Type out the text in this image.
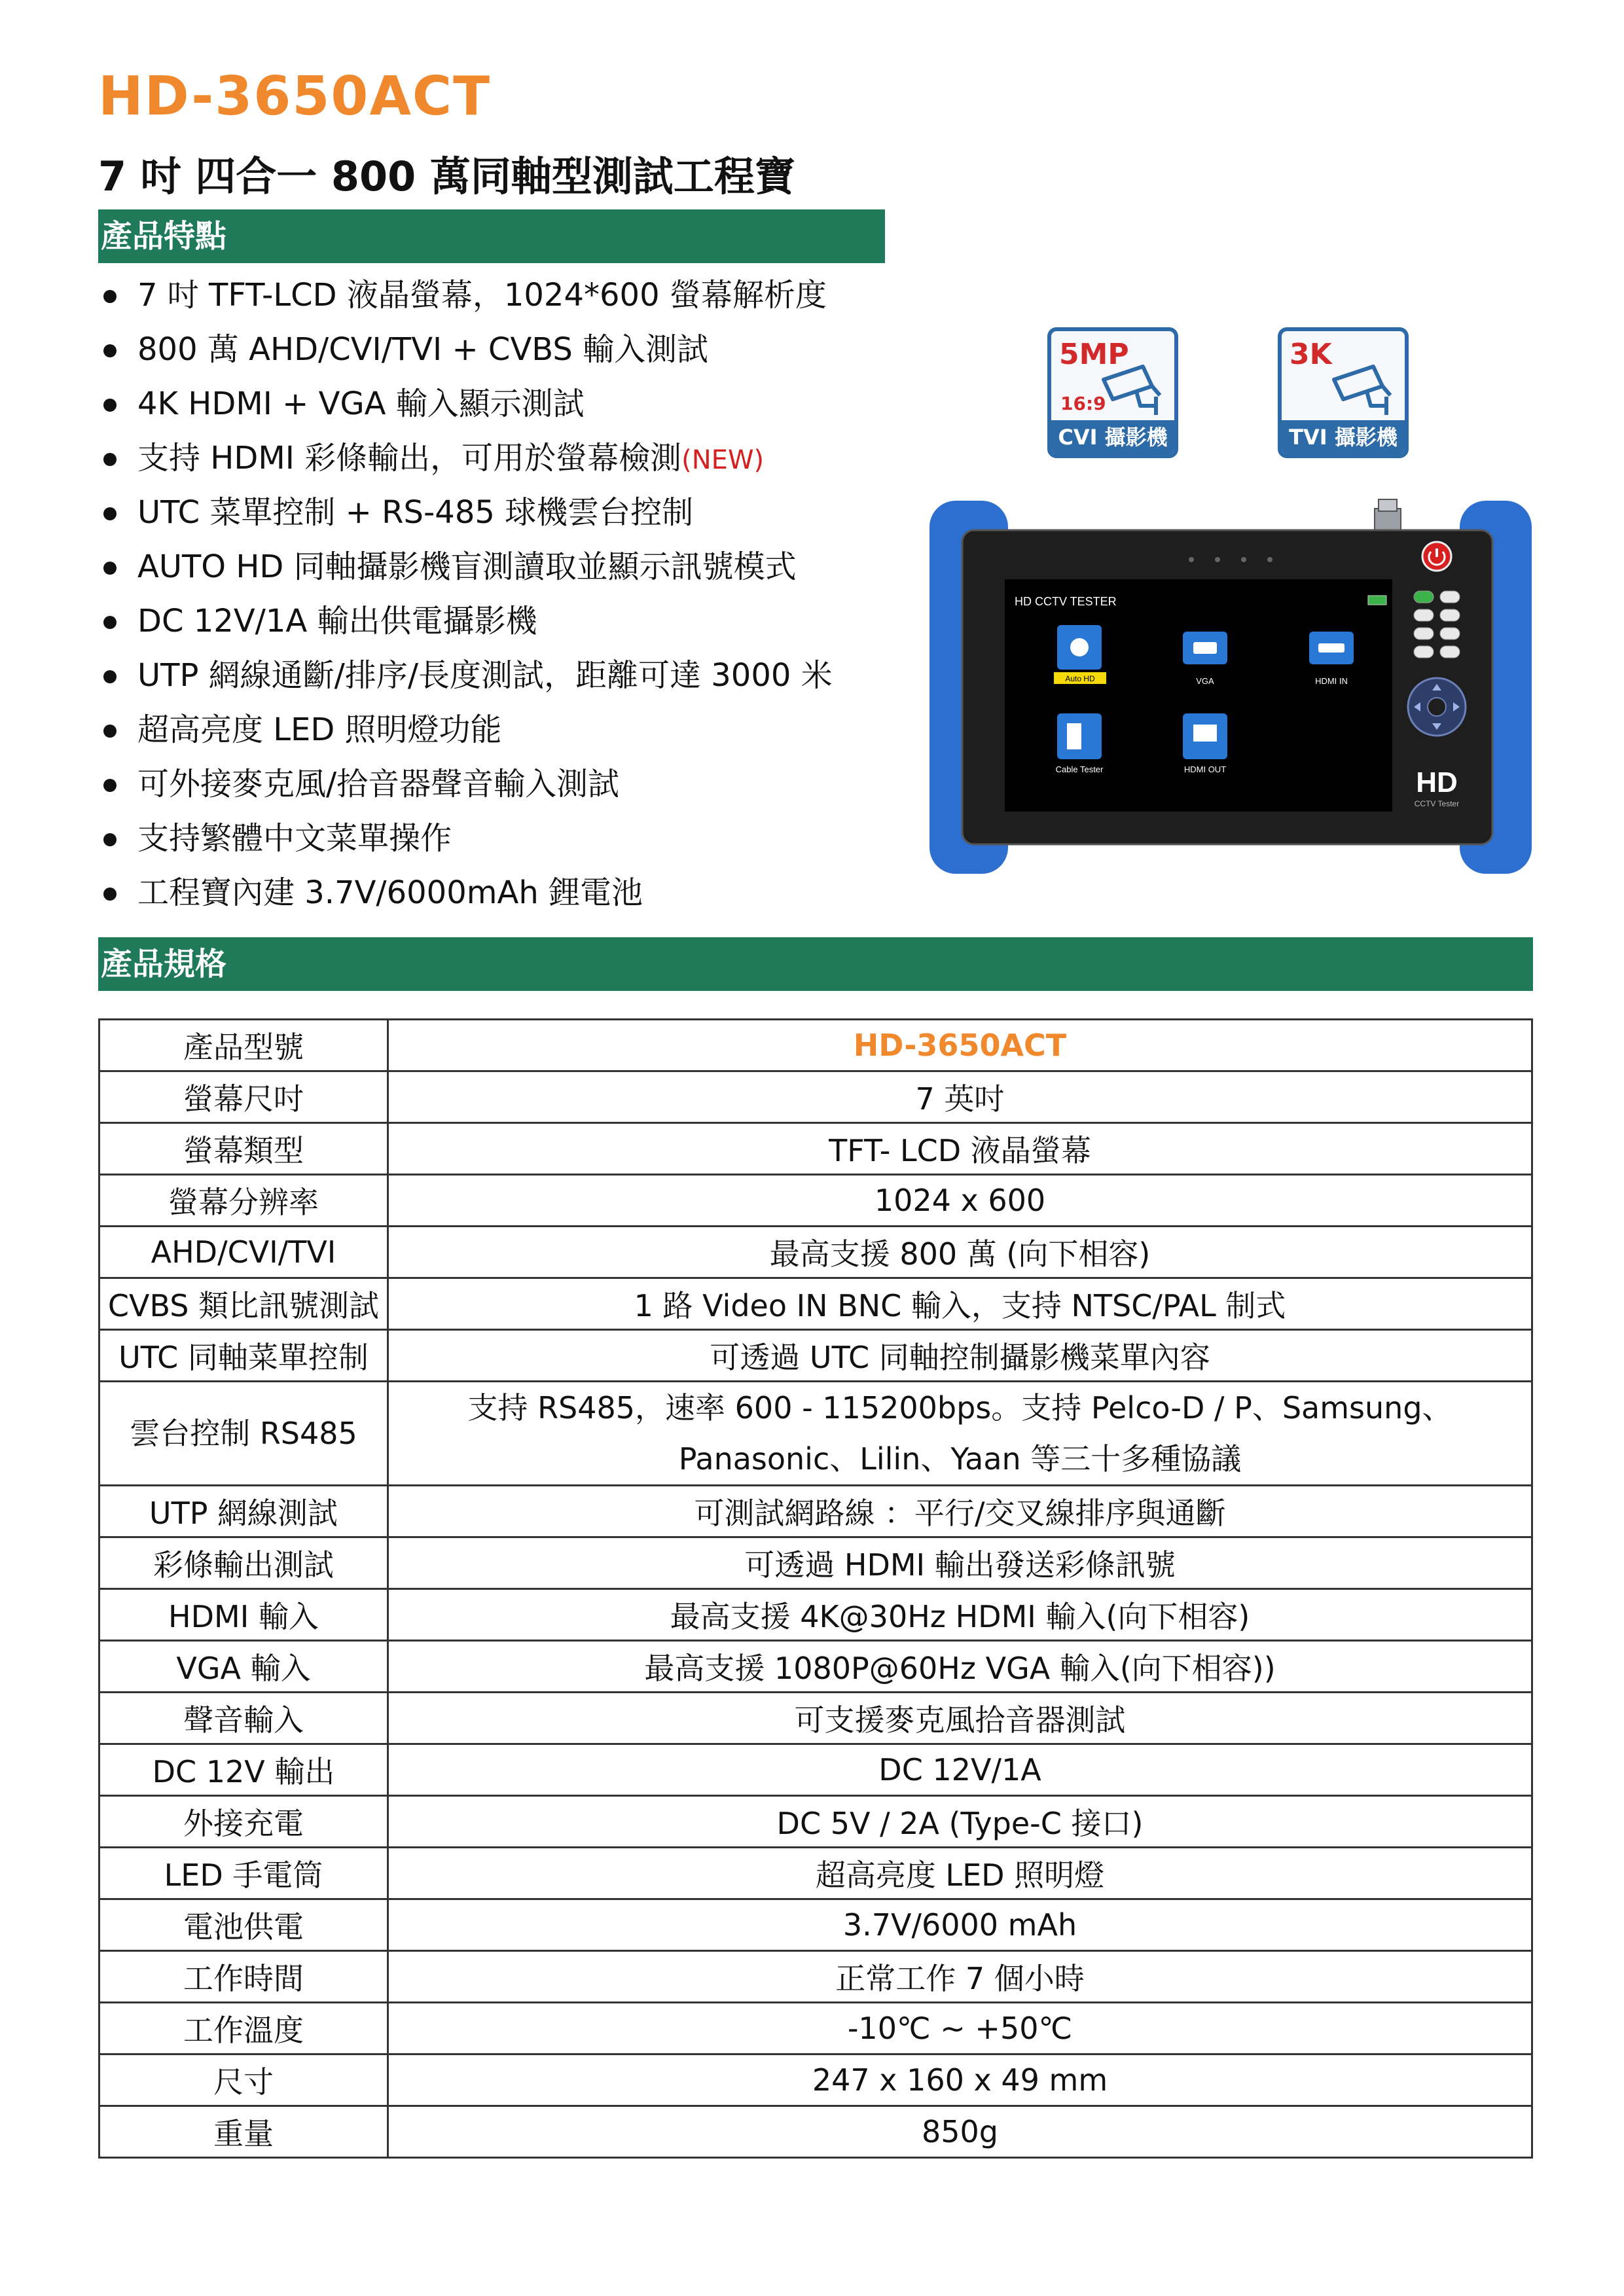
HD-3650ACT
7 吋 四合一 800 萬同軸型測試工程寶
產品特點
7 吋 TFT-LCD 液晶螢幕，1024*600 螢幕解析度
800 萬 AHD/CVI/TVI + CVBS 輸入測試
4K HDMI + VGA 輸入顯示測試
支持 HDMI 彩條輸出，可用於螢幕檢測(NEW)
UTC 菜單控制 + RS-485 球機雲台控制
AUTO HD 同軸攝影機盲測讀取並顯示訊號模式
DC 12V/1A 輸出供電攝影機
UTP 網線通斷/排序/長度測試，距離可達 3000 米
超高亮度 LED 照明燈功能
可外接麥克風/拾音器聲音輸入測試
支持繁體中文菜單操作
工程寶內建 3.7V/6000mAh 鋰電池
5MP
16:9
CVI 攝影機
3K
TVI 攝影機
HD CCTV TESTER
Auto HD	VGA	HDMI IN
Cable Tester	HDMI OUT	HD
CCTV Tester
產品規格
產品型號	HD-3650ACT
螢幕尺吋	7 英吋
螢幕類型	TFT- LCD 液晶螢幕
螢幕分辨率	1024 x 600
AHD/CVI/TVI	最高支援 800 萬 (向下相容)
CVBS 類比訊號測試	1 路 Video IN BNC 輸入，支持 NTSC/PAL 制式
UTC 同軸菜單控制	可透過 UTC 同軸控制攝影機菜單內容
雲台控制 RS485	支持 RS485，速率 600 - 115200bps。支持 Pelco-D / P、Samsung、
Panasonic、Lilin、Yaan 等三十多種協議
UTP 網線測試	可測試網路線 ：平行/交叉線排序與通斷
彩條輸出測試	可透過 HDMI 輸出發送彩條訊號
HDMI 輸入	最高支援 4K@30Hz HDMI 輸入(向下相容)
VGA 輸入	最高支援 1080P@60Hz VGA 輸入(向下相容))
聲音輸入	可支援麥克風拾音器測試
DC 12V 輸出	DC 12V/1A
外接充電	DC 5V / 2A (Type-C 接口)
LED 手電筒	超高亮度 LED 照明燈
電池供電	3.7V/6000 mAh
工作時間	正常工作 7 個小時
工作溫度	-10℃ ~ +50℃
尺寸	247 x 160 x 49 mm
重量	850g
